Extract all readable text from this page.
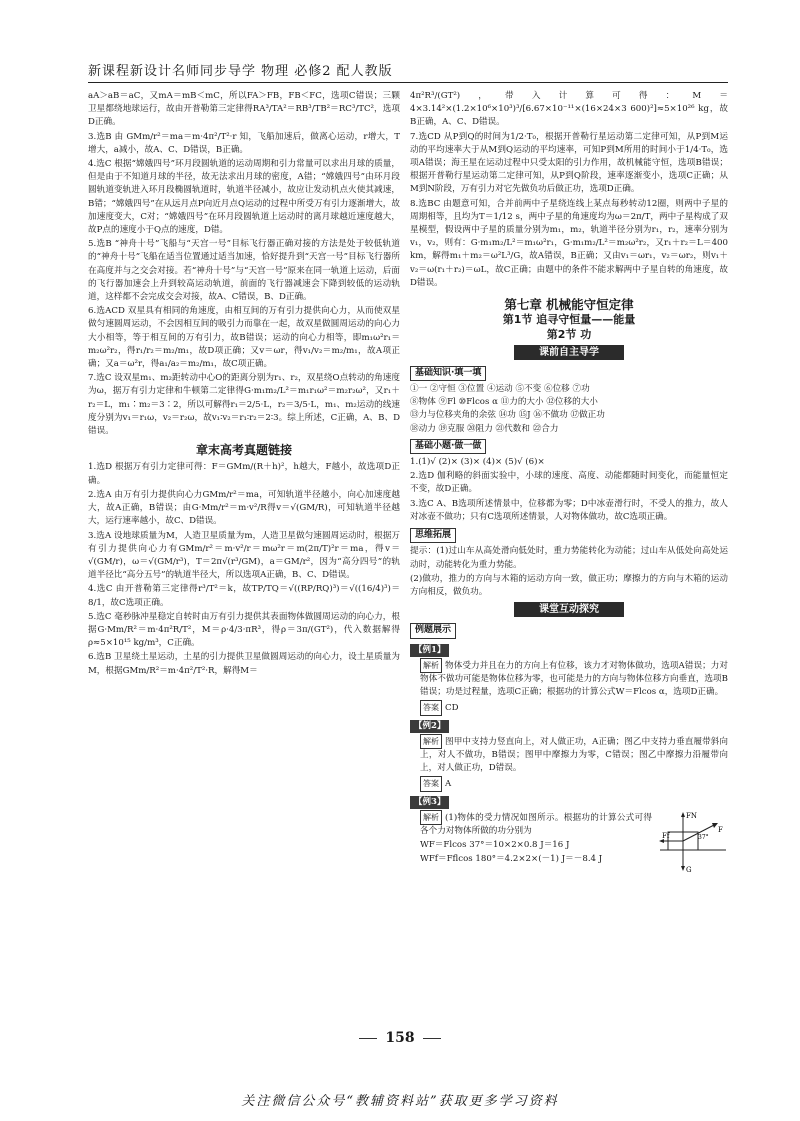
新课程新设计名师同步导学 物理 必修2 配人教版

aA＞aB＝aC，又mA＝mB＜mC，所以FA＞FB，FB＜FC，选项C错误；三颗卫星都绕地球运行，故由开普勒第三定律得RA³/TA²＝RB³/TB²＝RC³/TC²，选项D正确。

3.选B 由 GMm/r²＝ma＝m·4π²/T²·r 知，飞船加速后，做离心运动，r增大，T增大，a减小，故A、C、D错误，B正确。

4.选C 根据“嫦娥四号”环月段圆轨道的运动周期和引力常量可以求出月球的质量，但是由于不知道月球的半径，故无法求出月球的密度，A错；“嫦娥四号”由环月段圆轨道变轨进入环月段椭圆轨道时，轨道半径减小，故应让发动机点火使其减速，B错；“嫦娥四号”在从远月点P向近月点Q运动的过程中所受万有引力逐渐增大，故加速度变大，C对；“嫦娥四号”在环月段圆轨道上运动时的离月球越近速度越大，故P点的速度小于Q点的速度，D错。

5.选B “神舟十号”飞船与“天宫一号”目标飞行器正确对接的方法是处于较低轨道的“神舟十号”飞船在适当位置通过适当加速，恰好提升到“天宫一号”目标飞行器所在高度并与之交会对接。若“神舟十号”与“天宫一号”原来在同一轨道上运动，后面的飞行器加速会上升到较高运动轨道，前面的飞行器减速会下降到较低的运动轨道，这样都不会完成交会对接，故A、C错误，B、D正确。

6.选ACD 双星具有相同的角速度，由相互间的万有引力提供向心力，从而使双星做匀速圆周运动，不会因相互间的吸引力而靠在一起，故双星做圆周运动的向心力大小相等，等于相互间的万有引力，故B错误；运动的向心力相等，即m₁ω²r₁＝m₂ω²r₂，得r₁/r₂＝m₂/m₁，故D项正确；又v＝ωr，得v₁/v₂＝m₂/m₁，故A项正确；又a＝ω²r，得a₁/a₂＝m₂/m₁，故C项正确。

7.选C 设双星m₁、m₂距转动中心O的距离分别为r₁、r₂，双星绕O点转动的角速度为ω，据万有引力定律和牛顿第二定律得G·m₁m₂/L²＝m₁r₁ω²＝m₂r₂ω²，又r₁＋r₂＝L，m₁∶m₂＝3∶2，所以可解得r₁＝2/5·L，r₂＝3/5·L，m₁、m₂运动的线速度分别为v₁＝r₁ω，v₂＝r₂ω，故v₁∶v₂＝r₁∶r₂＝2∶3。综上所述，C正确，A、B、D错误。

章末高考真题链接

1.选D 根据万有引力定律可得：F＝GMm/(R＋h)²，h越大，F越小，故选项D正确。

2.选A 由万有引力提供向心力GMm/r²＝ma，可知轨道半径越小，向心加速度越大，故A正确，B错误；由G·Mm/r²＝m·v²/R得v＝√(GM/R)，可知轨道半径越大，运行速率越小，故C、D错误。

3.选A 设地球质量为M，人造卫星质量为m，人造卫星做匀速圆周运动时，根据万有引力提供向心力有GMm/r²＝m·v²/r＝mω²r＝m(2π/T)²r＝ma，得v＝√(GM/r)，ω＝√(GM/r³)，T＝2π√(r³/GM)，a＝GM/r²，因为“高分四号”的轨道半径比“高分五号”的轨道半径大，所以选项A正确，B、C、D错误。

4.选C 由开普勒第三定律得r³/T²＝k，故TP/TQ＝√((RP/RQ)³)＝√((16/4)³)＝8/1，故C选项正确。

5.选C 毫秒脉冲星稳定自转时由万有引力提供其表面物体做圆周运动的向心力，根据G·Mm/R²＝m·4π²R/T²，M＝ρ·4/3·πR³，得ρ＝3π/(GT²)，代入数据解得ρ≈5×10¹⁵ kg/m³，C正确。

6.选B 卫星绕土星运动，土星的引力提供卫星做圆周运动的向心力，设土星质量为M，根据GMm/R²＝m·4π²/T²·R，解得M＝

4π²R³/(GT²)，带入计算可得：M＝4×3.14²×(1.2×10⁶×10³)³/[6.67×10⁻¹¹×(16×24×3 600)²]≈5×10²⁶ kg，故B正确，A、C、D错误。

7.选CD 从P到Q的时间为1/2·T₀，根据开普勒行星运动第二定律可知，从P到M运动的平均速率大于从M到Q运动的平均速率，可知P到M所用的时间小于1/4·T₀，选项A错误；海王星在运动过程中只受太阳的引力作用，故机械能守恒，选项B错误；根据开普勒行星运动第二定律可知，从P到Q阶段，速率逐渐变小，选项C正确；从M到N阶段，万有引力对它先做负功后做正功，选项D正确。

8.选BC 由题意可知，合并前两中子星绕连线上某点每秒转动12圈，则两中子星的周期相等，且均为T＝1/12 s，两中子星的角速度均为ω＝2π/T，两中子星构成了双星模型，假设两中子星的质量分别为m₁，m₂，轨道半径分别为r₁，r₂，速率分别为v₁，v₂，则有：G·m₁m₂/L²＝m₁ω²r₁，G·m₁m₂/L²＝m₂ω²r₂，又r₁＋r₂＝L＝400 km，解得m₁＋m₂＝ω²L³/G，故A错误，B正确；又由v₁＝ωr₁，v₂＝ωr₂，则v₁＋v₂＝ω(r₁＋r₂)＝ωL，故C正确；由题中的条件不能求解两中子星自转的角速度，故D错误。

第七章 机械能守恒定律
第1节 追寻守恒量——能量
第2节 功
课前自主导学
基础知识·填一填
①一 ②守恒 ③位置 ④运动 ⑤不变 ⑥位移 ⑦功
⑧物体 ⑨Fl ⑩Flcos α ⑪力的大小 ⑫位移的大小
⑬力与位移夹角的余弦 ⑭功 ⑮J ⑯不做功 ⑰做正功
⑱动力 ⑲克服 ⑳阻力 ㉑代数和 ㉒合力
基础小题·做一做

1.(1)√ (2)× (3)× (4)× (5)√ (6)×

2.选D 伽利略的斜面实验中，小球的速度、高度、动能都随时间变化，而能量恒定不变，故D正确。

3.选C A、B选项所述情景中，位移都为零；D中冰壶滑行时，不受人的推力，故人对冰壶不做功；只有C选项所述情景，人对物体做功，故C选项正确。

思维拓展

提示：(1)过山车从高处滑向低处时，重力势能转化为动能；过山车从低处向高处运动时，动能转化为重力势能。

(2)做功，推力的方向与木箱的运动方向一致，做正功；摩擦力的方向与木箱的运动方向相反，做负功。

课堂互动探究
例题展示
【例1】

解析 物体受力并且在力的方向上有位移，该力才对物体做功，选项A错误；力对物体不做功可能是物体位移为零，也可能是力的方向与物体位移方向垂直，选项B错误；功是过程量，选项C正确；根据功的计算公式W＝Flcos α，选项D正确。

答案 CD

【例2】

解析 图甲中支持力竖直向上，对人做正功，A正确；图乙中支持力垂直履带斜向上，对人不做功，B错误；图甲中摩擦力为零，C错误；图乙中摩擦力沿履带向上，对人做正功，D错误。

答案 A

【例3】
FN
F
Ff	37°
G

解析 (1)物体的受力情况如图所示。根据功的计算公式可得各个力对物体所做的功分别为

WF＝Flcos 37°＝10×2×0.8 J＝16 J

WFf＝Fflcos 180°＝4.2×2×(－1) J＝－8.4 J

158
关注微信公众号“教辅资料站”获取更多学习资料
